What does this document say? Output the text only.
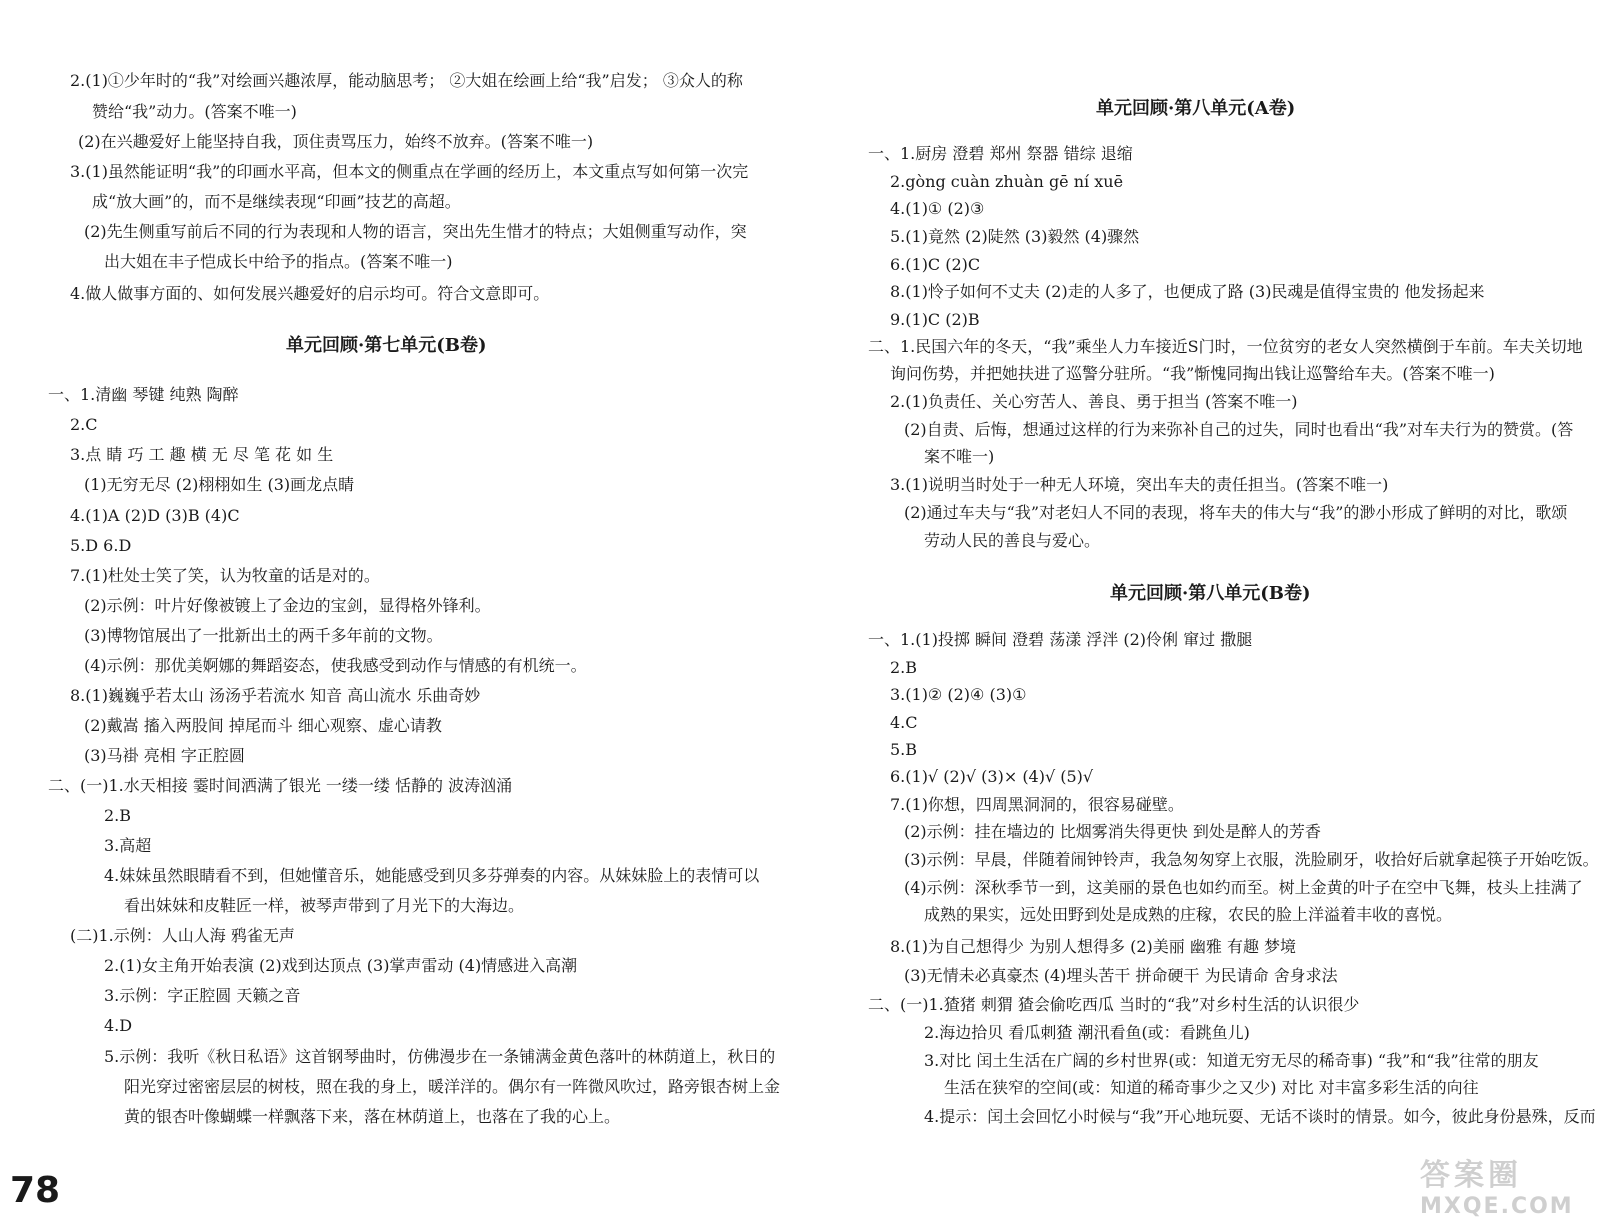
2.(1)①少年时的“我”对绘画兴趣浓厚，能动脑思考； ②大姐在绘画上给“我”启发； ③众人的称
赞给“我”动力。(答案不唯一)
(2)在兴趣爱好上能坚持自我，顶住责骂压力，始终不放弃。(答案不唯一)
3.(1)虽然能证明“我”的印画水平高，但本文的侧重点在学画的经历上，本文重点写如何第一次完
成“放大画”的，而不是继续表现“印画”技艺的高超。
(2)先生侧重写前后不同的行为表现和人物的语言，突出先生惜才的特点；大姐侧重写动作，突
出大姐在丰子恺成长中给予的指点。(答案不唯一)
4.做人做事方面的、如何发展兴趣爱好的启示均可。符合文意即可。
单元回顾·第七单元(B卷)
一、1.清幽 琴键 纯熟 陶醉
2.C
3.点 睛 巧 工 趣 横 无 尽 笔 花 如 生
(1)无穷无尽 (2)栩栩如生 (3)画龙点睛
4.(1)A (2)D (3)B (4)C
5.D 6.D
7.(1)杜处士笑了笑，认为牧童的话是对的。
(2)示例：叶片好像被镀上了金边的宝剑，显得格外锋利。
(3)博物馆展出了一批新出土的两千多年前的文物。
(4)示例：那优美婀娜的舞蹈姿态，使我感受到动作与情感的有机统一。
8.(1)巍巍乎若太山 汤汤乎若流水 知音 高山流水 乐曲奇妙
(2)戴嵩 搐入两股间 掉尾而斗 细心观察、虚心请教
(3)马褂 亮相 字正腔圆
二、(一)1.水天相接 霎时间洒满了银光 一缕一缕 恬静的 波涛汹涌
2.B
3.高超
4.妹妹虽然眼睛看不到，但她懂音乐，她能感受到贝多芬弹奏的内容。从妹妹脸上的表情可以
看出妹妹和皮鞋匠一样，被琴声带到了月光下的大海边。
(二)1.示例：人山人海 鸦雀无声
2.(1)女主角开始表演 (2)戏到达顶点 (3)掌声雷动 (4)情感进入高潮
3.示例：字正腔圆 天籁之音
4.D
5.示例：我听《秋日私语》这首钢琴曲时，仿佛漫步在一条铺满金黄色落叶的林荫道上，秋日的
阳光穿过密密层层的树枝，照在我的身上，暖洋洋的。偶尔有一阵微风吹过，路旁银杏树上金
黄的银杏叶像蝴蝶一样飘落下来，落在林荫道上，也落在了我的心上。
78
单元回顾·第八单元(A卷)
一、1.厨房 澄碧 郑州 祭器 错综 退缩
2.gòng cuàn zhuàn gē ní xuē
4.(1)① (2)③
5.(1)竟然 (2)陡然 (3)毅然 (4)骤然
6.(1)C (2)C
8.(1)怜子如何不丈夫 (2)走的人多了，也便成了路 (3)民魂是值得宝贵的 他发扬起来
9.(1)C (2)B
二、1.民国六年的冬天，“我”乘坐人力车接近S门时，一位贫穷的老女人突然横倒于车前。车夫关切地
询问伤势，并把她扶进了巡警分驻所。“我”惭愧同掏出钱让巡警给车夫。(答案不唯一)
2.(1)负责任、关心穷苦人、善良、勇于担当 (答案不唯一)
(2)自责、后悔，想通过这样的行为来弥补自己的过失，同时也看出“我”对车夫行为的赞赏。(答
案不唯一)
3.(1)说明当时处于一种无人环境，突出车夫的责任担当。(答案不唯一)
(2)通过车夫与“我”对老妇人不同的表现，将车夫的伟大与“我”的渺小形成了鲜明的对比，歌颂
劳动人民的善良与爱心。
单元回顾·第八单元(B卷)
一、1.(1)投掷 瞬间 澄碧 荡漾 浮泮 (2)伶俐 窜过 撒腿
2.B
3.(1)② (2)④ (3)①
4.C
5.B
6.(1)√ (2)√ (3)× (4)√ (5)√
7.(1)你想，四周黑洞洞的，很容易碰壁。
(2)示例：挂在墙边的 比烟雾消失得更快 到处是醉人的芳香
(3)示例：早晨，伴随着闹钟铃声，我急匆匆穿上衣服，洗脸刷牙，收拾好后就拿起筷子开始吃饭。
(4)示例：深秋季节一到，这美丽的景色也如约而至。树上金黄的叶子在空中飞舞，枝头上挂满了
成熟的果实，远处田野到处是成熟的庄稼，农民的脸上洋溢着丰收的喜悦。
8.(1)为自己想得少 为别人想得多 (2)美丽 幽雅 有趣 梦境
(3)无情未必真豪杰 (4)埋头苦干 拼命硬干 为民请命 舍身求法
二、(一)1.猹猪 刺猬 猹会偷吃西瓜 当时的“我”对乡村生活的认识很少
2.海边拾贝 看瓜刺猹 潮汛看鱼(或：看跳鱼儿)
3.对比 闰土生活在广阔的乡村世界(或：知道无穷无尽的稀奇事) “我”和“我”往常的朋友
生活在狭窄的空间(或：知道的稀奇事少之又少) 对比 对丰富多彩生活的向往
4.提示：闰土会回忆小时候与“我”开心地玩耍、无话不谈时的情景。如今，彼此身份悬殊，反而
答案圈
MXQE.COM
